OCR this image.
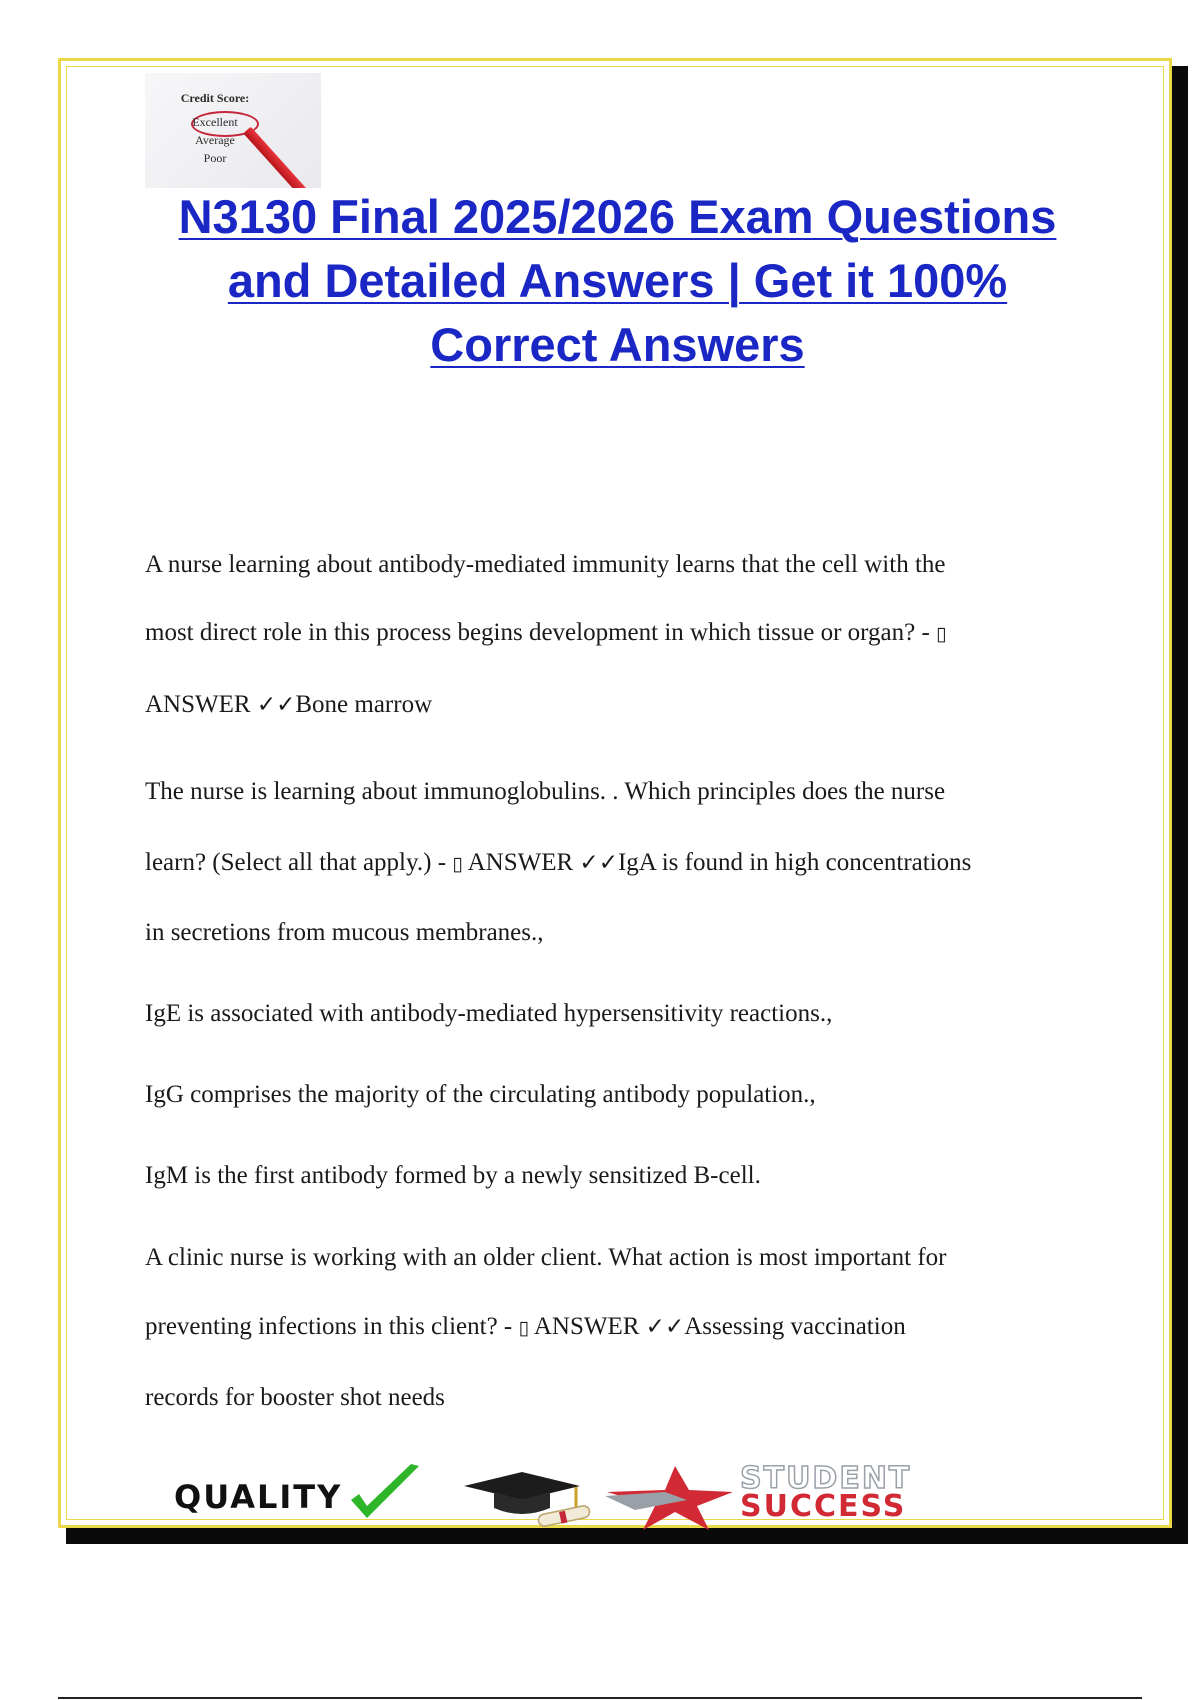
Credit Score:
Excellent
Average
Poor
N3130 Final 2025/2026 Exam Questions
and Detailed Answers | Get it 100%
Correct Answers

A nurse learning about antibody-mediated immunity learns that the cell with the

most direct role in this process begins development in which tissue or organ? - ▯

ANSWER ✓✓Bone marrow

The nurse is learning about immunoglobulins. . Which principles does the nurse

learn? (Select all that apply.) - ▯ ANSWER ✓✓IgA is found in high concentrations

in secretions from mucous membranes.,

IgE is associated with antibody-mediated hypersensitivity reactions.,

IgG comprises the majority of the circulating antibody population.,

IgM is the first antibody formed by a newly sensitized B-cell.

A clinic nurse is working with an older client. What action is most important for

preventing infections in this client? - ▯ ANSWER ✓✓Assessing vaccination

records for booster shot needs

QUALITY	STUDENT
SUCCESS
